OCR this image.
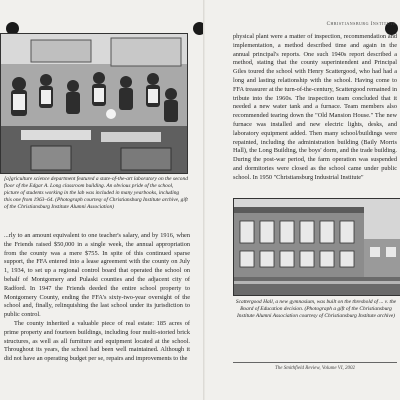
[a]griculture science department featured a state-of-the-art laboratory on the second floor of the Edgar A. Long classroom building. An obvious pride of the school, picture of students working in the lab was included in many yearbooks, including this one from 1963–64. (Photograph courtesy of Christiansburg Institute archive, gift of the Christiansburg Institute Alumni Association)
...rly to an amount equivalent to one teacher's salary, and by 1916, when the Friends raised $50,000 in a single week, the annual appropriation from the county was a mere $755. In spite of this continued sparse support, the FFA entered into a lease agreement with the county on July 1, 1934, to set up a regional control board that operated the school on behalf of Montgomery and Pulaski counties and the adjacent city of Radford. In 1947 the Friends deeded the entire school property to Montgomery County, ending the FFA's sixty-two-year oversight of the school and, finally, relinquishing the last school under its jurisdiction to public control.
The county inherited a valuable piece of real estate: 185 acres of prime property and fourteen buildings, including four multi-storied brick structures, as well as all furniture and equipment located at the school. Throughout its years, the school had been well maintained. Although it did not have an operating budget per se, repairs and improvements to the
Christiansburg Institute
physical plant were a matter of inspection, recommendation and implementation, a method described time and again in the annual principal's reports. One such 1940s report described a method, stating that the county superintendent and Principal Giles toured the school with Henry Scattergood, who had had a long and lasting relationship with the school. Having come to FFA treasurer at the turn-of-the-century, Scattergood remained in tribute into the 1960s. The inspection team concluded that it needed a new water tank and a furnace. Team members also recommended tearing down the "Old Mansion House." The new furnace was installed and new electric lights, desks, and laboratory equipment added. Then many school/buildings were repainted, including the administration building (Baily Morris Hall), the Long Building, the boys' dorm, and the trade building. During the post-war period, the farm operation was suspended and dormitories were closed as the school came under public school. In 1950 "Christiansburg Industrial Institute"
Scattergood Hall, a new gymnasium, was built on the threshold of ... v. the Board of Education decision. (Photograph a gift of the Christiansburg Institute Alumni Association courtesy of Christiansburg Institute archive)
The Smithfield Review, Volume VI, 2002
